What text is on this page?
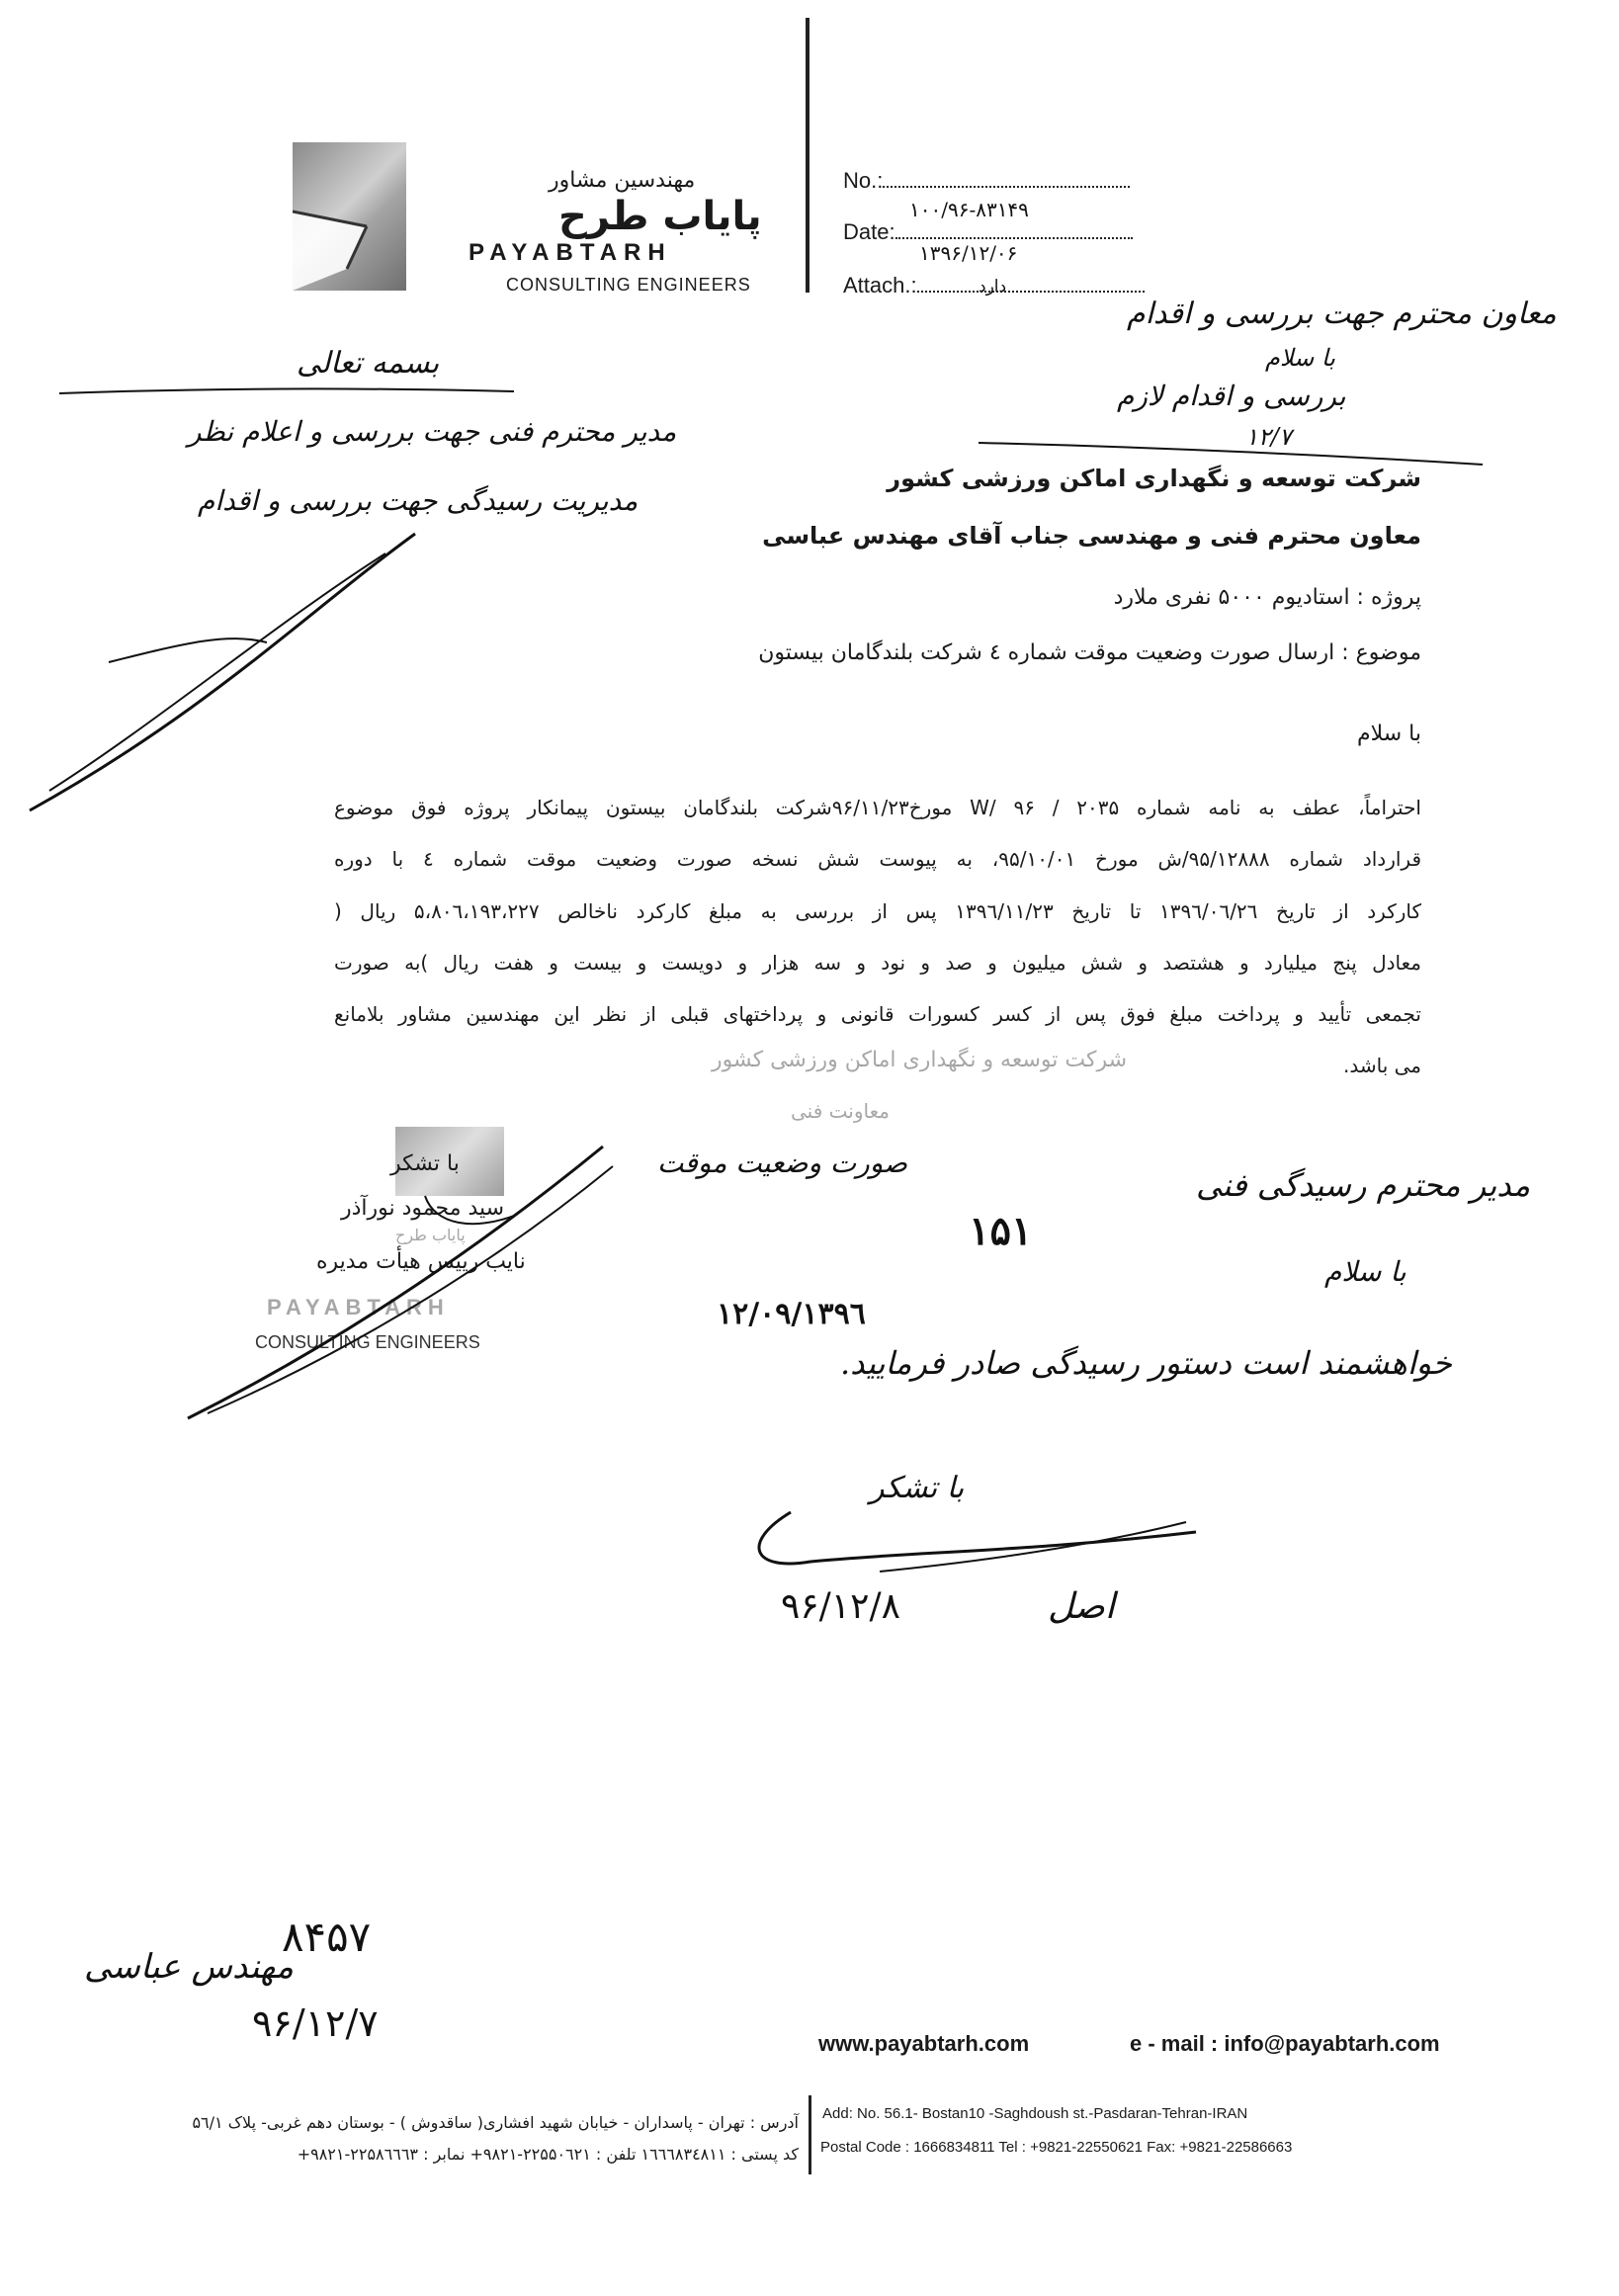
مهندسین مشاور
پایاب طرح
PAYABTARH
CONSULTING ENGINEERS
No.:
۱۰۰/۹۶-۸۳۱۴۹
Date:
۱۳۹۶/۱۲/۰۶
Attach.:	دارد
بسمه تعالی
مدیر محترم فنی جهت بررسی و اعلام نظر
مدیریت رسیدگی جهت بررسی و اقدام
معاون محترم جهت بررسی و اقدام
با سلام
بررسی و اقدام لازم
۱۲/۷
شرکت توسعه و نگهداری اماکن ورزشی کشور
معاون محترم فنی و مهندسی جناب آقای مهندس عباسی
پروژه : استادیوم ۵۰۰۰ نفری ملارد
موضوع : ارسال صورت وضعیت موقت شماره ٤ شرکت بلندگامان بیستون
با سلام
احتراماً، عطف به نامه شماره ۲۰۳۵ / ۹۶ /W مورخ۹۶/۱۱/۲۳شرکت بلندگامان بیستون پیمانکار پروژه فوق موضوع
قرارداد شماره ۹۵/۱۲۸۸۸/ش مورخ ۹۵/۱۰/۰۱، به پیوست شش نسخه صورت وضعیت موقت شماره ٤ با دوره
کارکرد از تاریخ ۱۳۹٦/۰٦/۲٦ تا تاریخ ۱۳۹٦/۱۱/۲۳ پس از بررسی به مبلغ کارکرد ناخالص ۵،۸۰٦،۱۹۳،۲۲۷ ریال (
معادل پنج میلیارد و هشتصد و شش میلیون و صد و نود و سه هزار و دویست و بیست و هفت ریال )به صورت
تجمعی تأیید و پرداخت مبلغ فوق پس از کسر کسورات قانونی و پرداختهای قبلی از نظر این مهندسین مشاور بلامانع
می باشد.
شرکت توسعه و نگهداری اماکن ورزشی کشور
معاونت فنی
صورت وضعیت موقت
۱۵۱
۱۳۹٦/۱۲/۰۹
با تشکر
سید محمود نورآذر
پایاب طرح
نایب رییس هیأت مدیره
PAYABTARH
CONSULTING ENGINEERS
مدیر محترم رسیدگی فنی
با سلام
خواهشمند است دستور رسیدگی صادر فرمایید.
با تشکر
۹۶/۱۲/۸	اصل
۸۴۵۷
مهندس عباسی
۹۶/۱۲/۷	www.payabtarh.com	e - mail : info@payabtarh.com
آدرس : تهران - پاسداران - خیابان شهید افشاری( ساقدوش ) - بوستان دهم غربی- پلاک ۵٦/۱
کد پستی : ۱٦٦٦۸۳٤۸۱۱ تلفن : ۲۲۵۵۰٦۲۱-۹۸۲۱+ نمابر : ۲۲۵۸٦٦٦۳-۹۸۲۱+
Add: No. 56.1- Bostan10 -Saghdoush st.-Pasdaran-Tehran-IRAN
Postal Code : 1666834811 Tel : +9821-22550621 Fax: +9821-22586663
